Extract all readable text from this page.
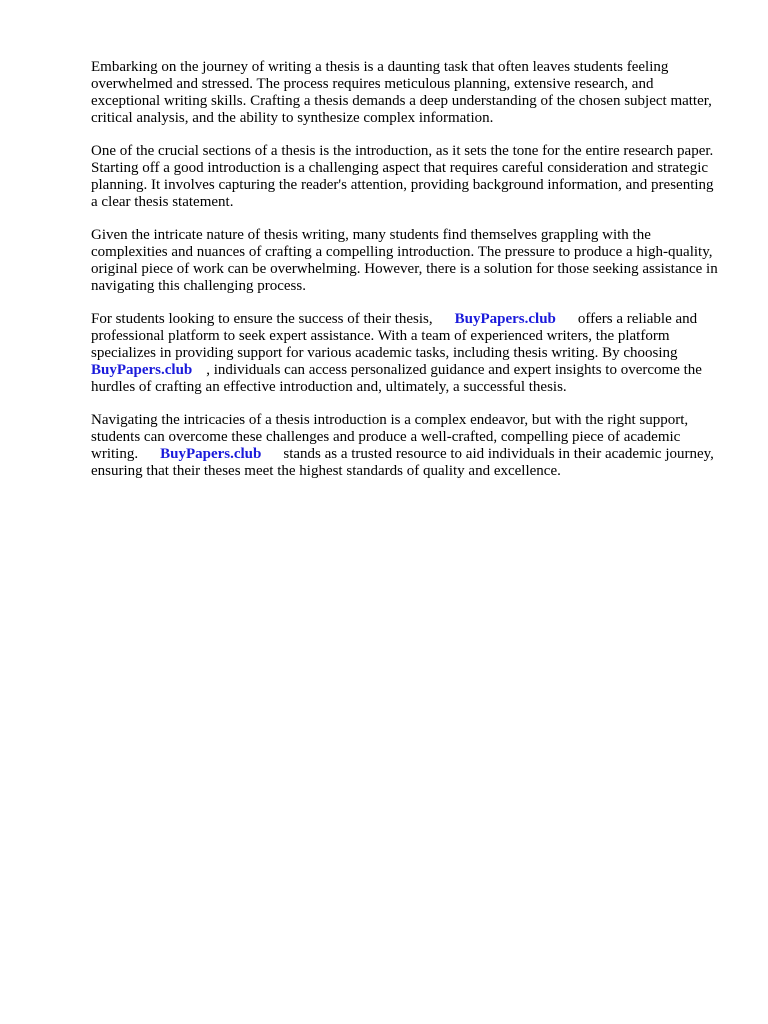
Embarking on the journey of writing a thesis is a daunting task that often leaves students feeling overwhelmed and stressed. The process requires meticulous planning, extensive research, and exceptional writing skills. Crafting a thesis demands a deep understanding of the chosen subject matter, critical analysis, and the ability to synthesize complex information.

One of the crucial sections of a thesis is the introduction, as it sets the tone for the entire research paper. Starting off a good introduction is a challenging aspect that requires careful consideration and strategic planning. It involves capturing the reader's attention, providing background information, and presenting a clear thesis statement.

Given the intricate nature of thesis writing, many students find themselves grappling with the complexities and nuances of crafting a compelling introduction. The pressure to produce a high-quality, original piece of work can be overwhelming. However, there is a solution for those seeking assistance in navigating this challenging process.

For students looking to ensure the success of their thesis, BuyPapers.club offers a reliable and professional platform to seek expert assistance. With a team of experienced writers, the platform specializes in providing support for various academic tasks, including thesis writing. By choosing BuyPapers.club , individuals can access personalized guidance and expert insights to overcome the hurdles of crafting an effective introduction and, ultimately, a successful thesis.

Navigating the intricacies of a thesis introduction is a complex endeavor, but with the right support, students can overcome these challenges and produce a well-crafted, compelling piece of academic writing. BuyPapers.club stands as a trusted resource to aid individuals in their academic journey, ensuring that their theses meet the highest standards of quality and excellence.
